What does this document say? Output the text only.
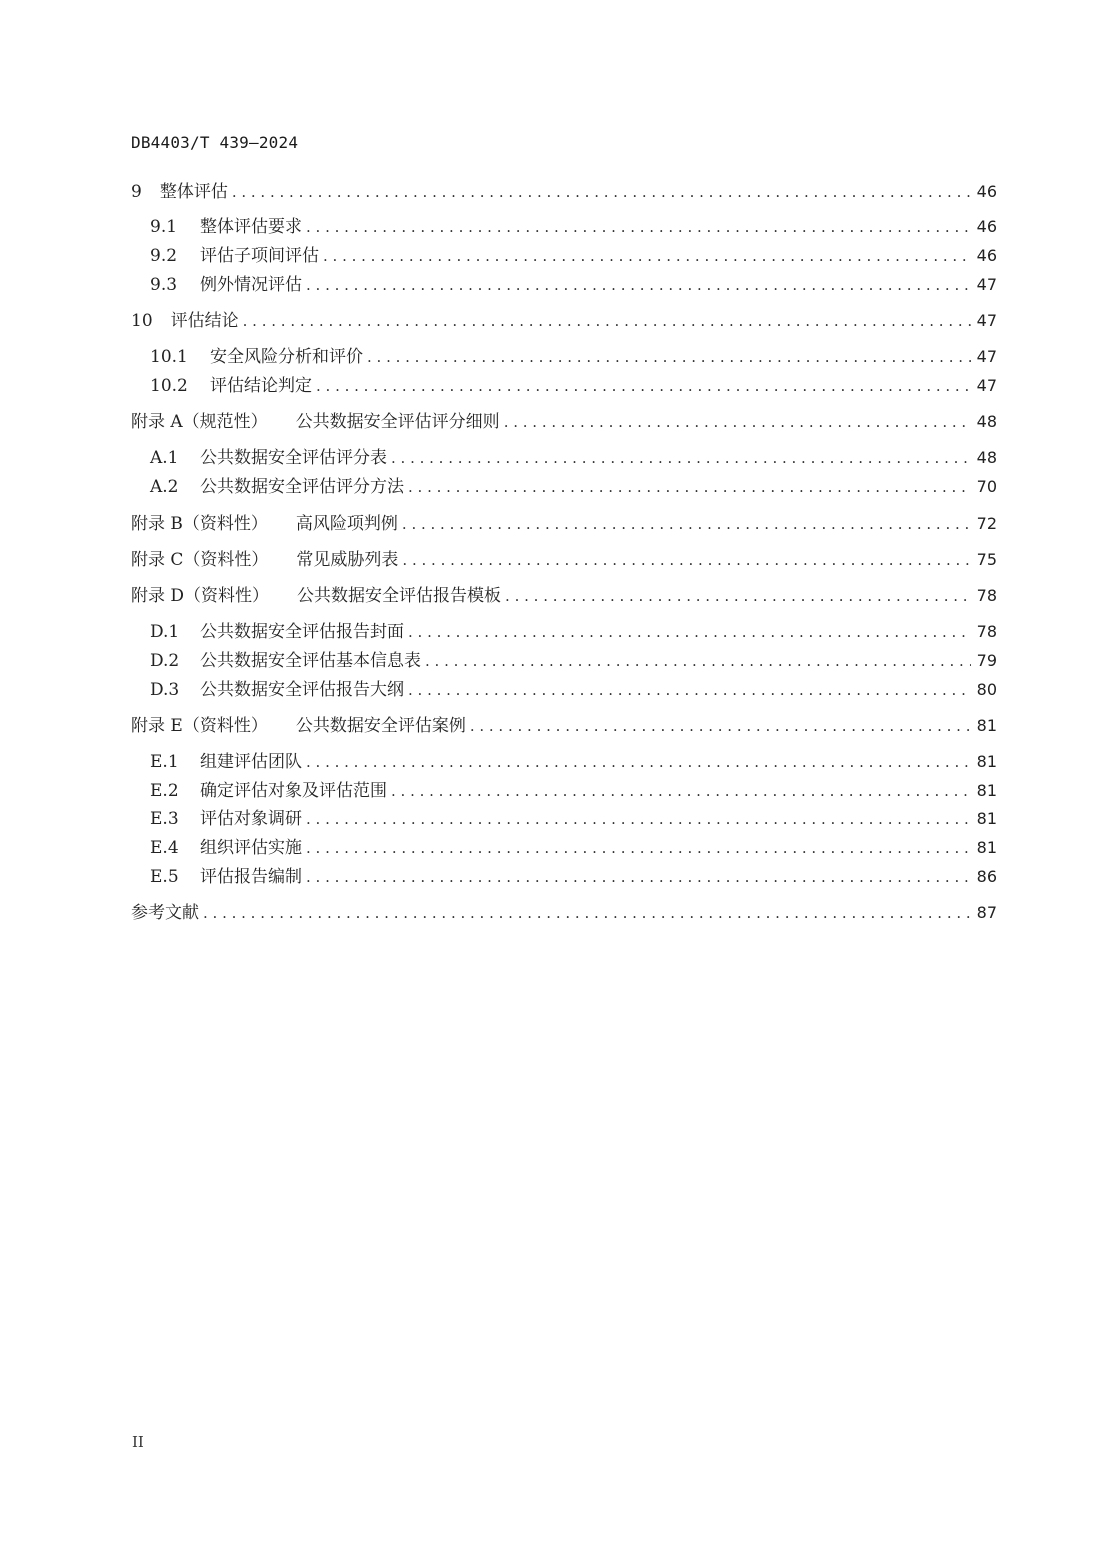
DB4403/T 439—2024
9 整体评估 . . .	46
9.1	整体评估要求 . . .	46
9.2	评估子项间评估 . . .	46
9.3	例外情况评估 . . .	47
10 评估结论 . . .	47
10.1	安全风险分析和评价 . . .	47
10.2	评估结论判定 . . .	47
附录 A（规范性） 公共数据安全评估评分细则 . . .	48
A.1	公共数据安全评估评分表 . . .	48
A.2	公共数据安全评估评分方法 . . .	70
附录 B（资料性） 高风险项判例 . . .	72
附录 C（资料性） 常见威胁列表 . . .	75
附录 D（资料性） 公共数据安全评估报告模板 . . .	78
D.1	公共数据安全评估报告封面 . . .	78
D.2	公共数据安全评估基本信息表 . . .	79
D.3	公共数据安全评估报告大纲 . . .	80
附录 E（资料性） 公共数据安全评估案例 . . .	81
E.1	组建评估团队 . . .	81
E.2	确定评估对象及评估范围 . . .	81
E.3	评估对象调研 . . .	81
E.4	组织评估实施 . . .	81
E.5	评估报告编制 . . .	86
参考文献 . . .	87
II
